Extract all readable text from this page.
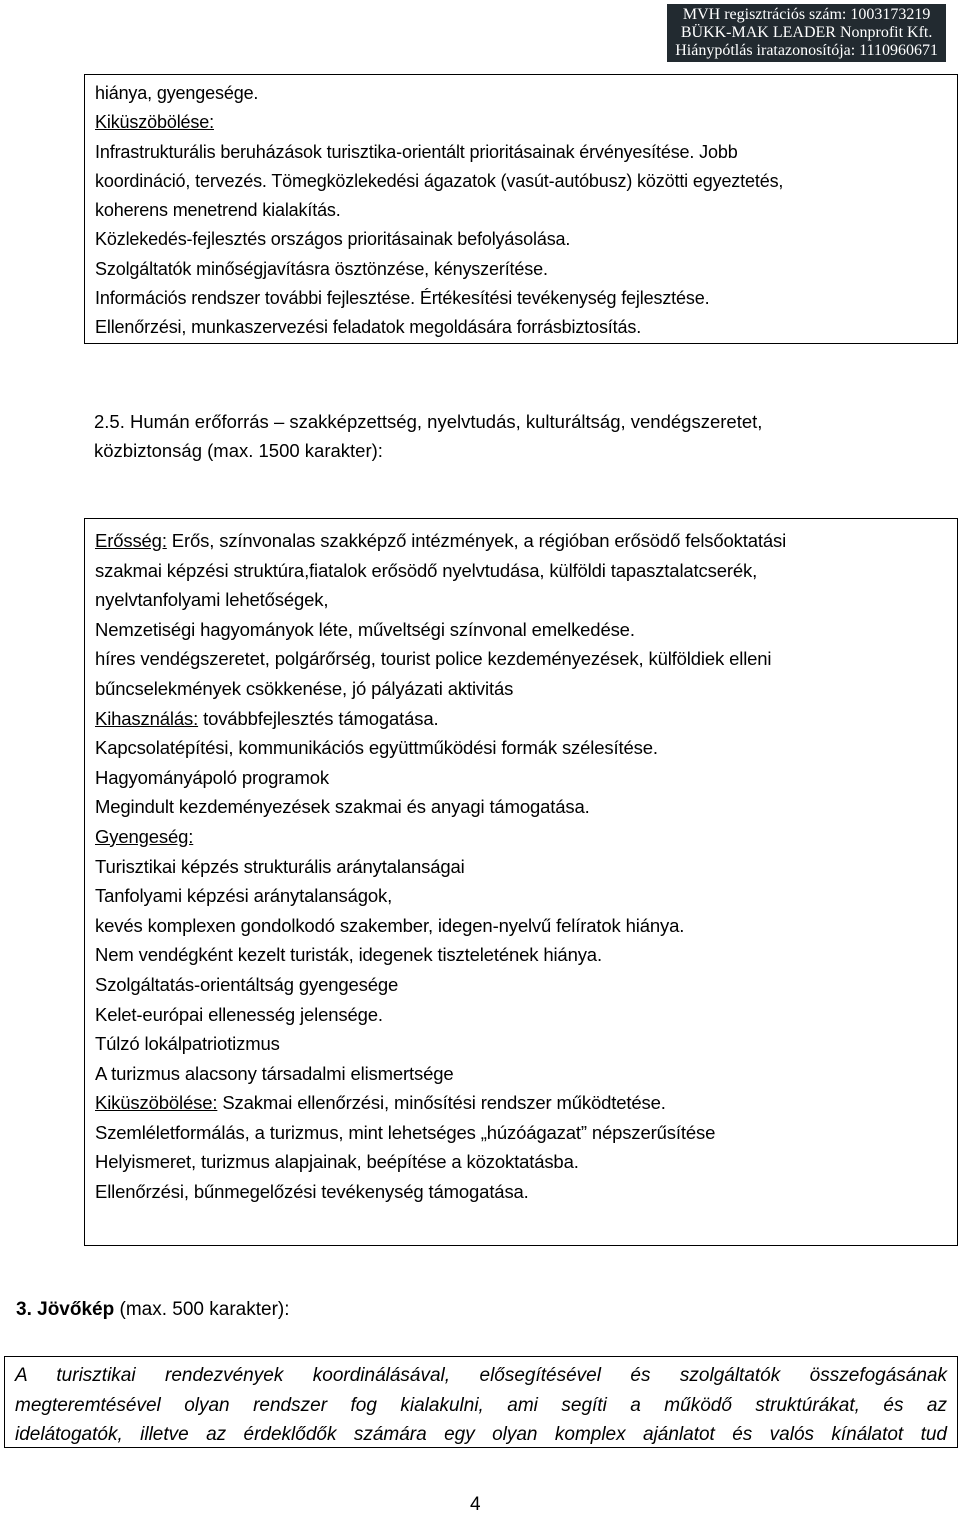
MVH regisztrációs szám: 1003173219
BÜKK-MAK LEADER Nonprofit Kft.
Hiánypótlás iratazonosítója: 1110960671

hiánya, gyengesége.

Kiküszöbölése:

Infrastrukturális beruházások turisztika-orientált prioritásainak érvényesítése. Jobb

koordináció, tervezés. Tömegközlekedési ágazatok (vasút-autóbusz) közötti egyeztetés,

koherens menetrend kialakítás.

Közlekedés-fejlesztés országos prioritásainak befolyásolása.

Szolgáltatók minőségjavításra ösztönzése, kényszerítése.

Információs rendszer további fejlesztése. Értékesítési tevékenység fejlesztése.

Ellenőrzési, munkaszervezési feladatok megoldására forrásbiztosítás.

2.5. Humán erőforrás – szakképzettség, nyelvtudás, kulturáltság, vendégszeretet,

közbiztonság (max. 1500 karakter):

Erősség: Erős, színvonalas szakképző intézmények, a régióban erősödő felsőoktatási

szakmai képzési struktúra,fiatalok erősödő nyelvtudása, külföldi tapasztalatcserék,

nyelvtanfolyami lehetőségek,

Nemzetiségi hagyományok léte, műveltségi színvonal emelkedése.

híres vendégszeretet, polgárőrség, tourist police kezdeményezések, külföldiek elleni

bűncselekmények csökkenése, jó pályázati aktivitás

Kihasználás: továbbfejlesztés támogatása.

Kapcsolatépítési, kommunikációs együttműködési formák szélesítése.

Hagyományápoló programok

Megindult kezdeményezések szakmai és anyagi támogatása.

Gyengeség:

Turisztikai képzés strukturális aránytalanságai

Tanfolyami képzési aránytalanságok,

kevés komplexen gondolkodó szakember, idegen-nyelvű felíratok hiánya.

Nem vendégként kezelt turisták, idegenek tiszteletének hiánya.

Szolgáltatás-orientáltság gyengesége

Kelet-európai ellenesség jelensége.

Túlzó lokálpatriotizmus

A turizmus alacsony társadalmi elismertsége

Kiküszöbölése: Szakmai ellenőrzési, minősítési rendszer működtetése.

Szemléletformálás, a turizmus, mint lehetséges „húzóágazat” népszerűsítése

Helyismeret, turizmus alapjainak, beépítése a közoktatásba.

Ellenőrzési, bűnmegelőzési tevékenység támogatása.

3. Jövőkép (max. 500 karakter):

A turisztikai rendezvények koordinálásával, elősegítésével és szolgáltatók összefogásának

megteremtésével olyan rendszer fog kialakulni, ami segíti a működő struktúrákat, és az

idelátogatók, illetve az érdeklődők számára egy olyan komplex ajánlatot és valós kínálatot tud

4
